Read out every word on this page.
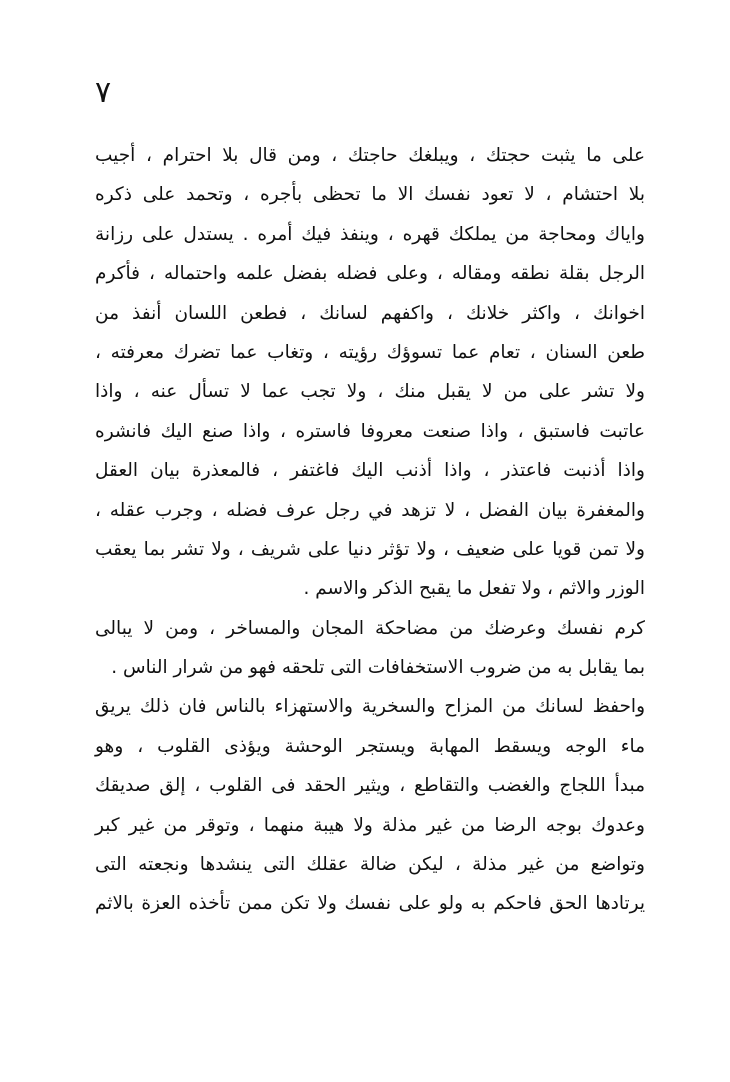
٧
على ما يثبت حجتك ، ويبلغك حاجتك ، ومن قال بلا احترام ، أجيب
بلا احتشام ، لا تعود نفسك الا ما تحظى بأجره ، وتحمد على ذكره
واياك ومحاجة من يملكك قهره ، وينفذ فيك أمره . يستدل على رزانة
الرجل بقلة نطقه ومقاله ، وعلى فضله بفضل علمه واحتماله ، فأكرم
اخوانك ، واكثر خلانك ، واكفهم لسانك ، فطعن اللسان أنفذ من
طعن السنان ، تعام عما تسوؤك رؤيته ، وتغاب عما تضرك معرفته ،
ولا تشر على من لا يقبل منك ، ولا تجب عما لا تسأل عنه ، واذا
عاتبت فاستبق ، واذا صنعت معروفا فاستره ، واذا صنع اليك فانشره
واذا أذنبت فاعتذر ، واذا أذنب اليك فاغتفر ، فالمعذرة بيان العقل
والمغفرة بيان الفضل ، لا تزهد في رجل عرف فضله ، وجرب عقله ،
ولا تمن قويا على ضعيف ، ولا تؤثر دنيا على شريف ، ولا تشر بما يعقب
الوزر والاثم ، ولا تفعل ما يقبح الذكر والاسم .
كرم نفسك وعرضك من مضاحكة المجان والمساخر ، ومن لا يبالى
بما يقابل به من ضروب الاستخفافات التى تلحقه فهو من شرار الناس .
واحفظ لسانك من المزاح والسخرية والاستهزاء بالناس فان ذلك يريق
ماء الوجه ويسقط المهابة ويستجر الوحشة ويؤذى القلوب ، وهو
مبدأ اللجاج والغضب والتقاطع ، ويثير الحقد فى القلوب ، إلق صديقك
وعدوك بوجه الرضا من غير مذلة ولا هيبة منهما ، وتوقر من غير كبر
وتواضع من غير مذلة ، ليكن ضالة عقلك التى ينشدها ونجعته التى
يرتادها الحق فاحكم به ولو على نفسك ولا تكن ممن تأخذه العزة بالاثم
